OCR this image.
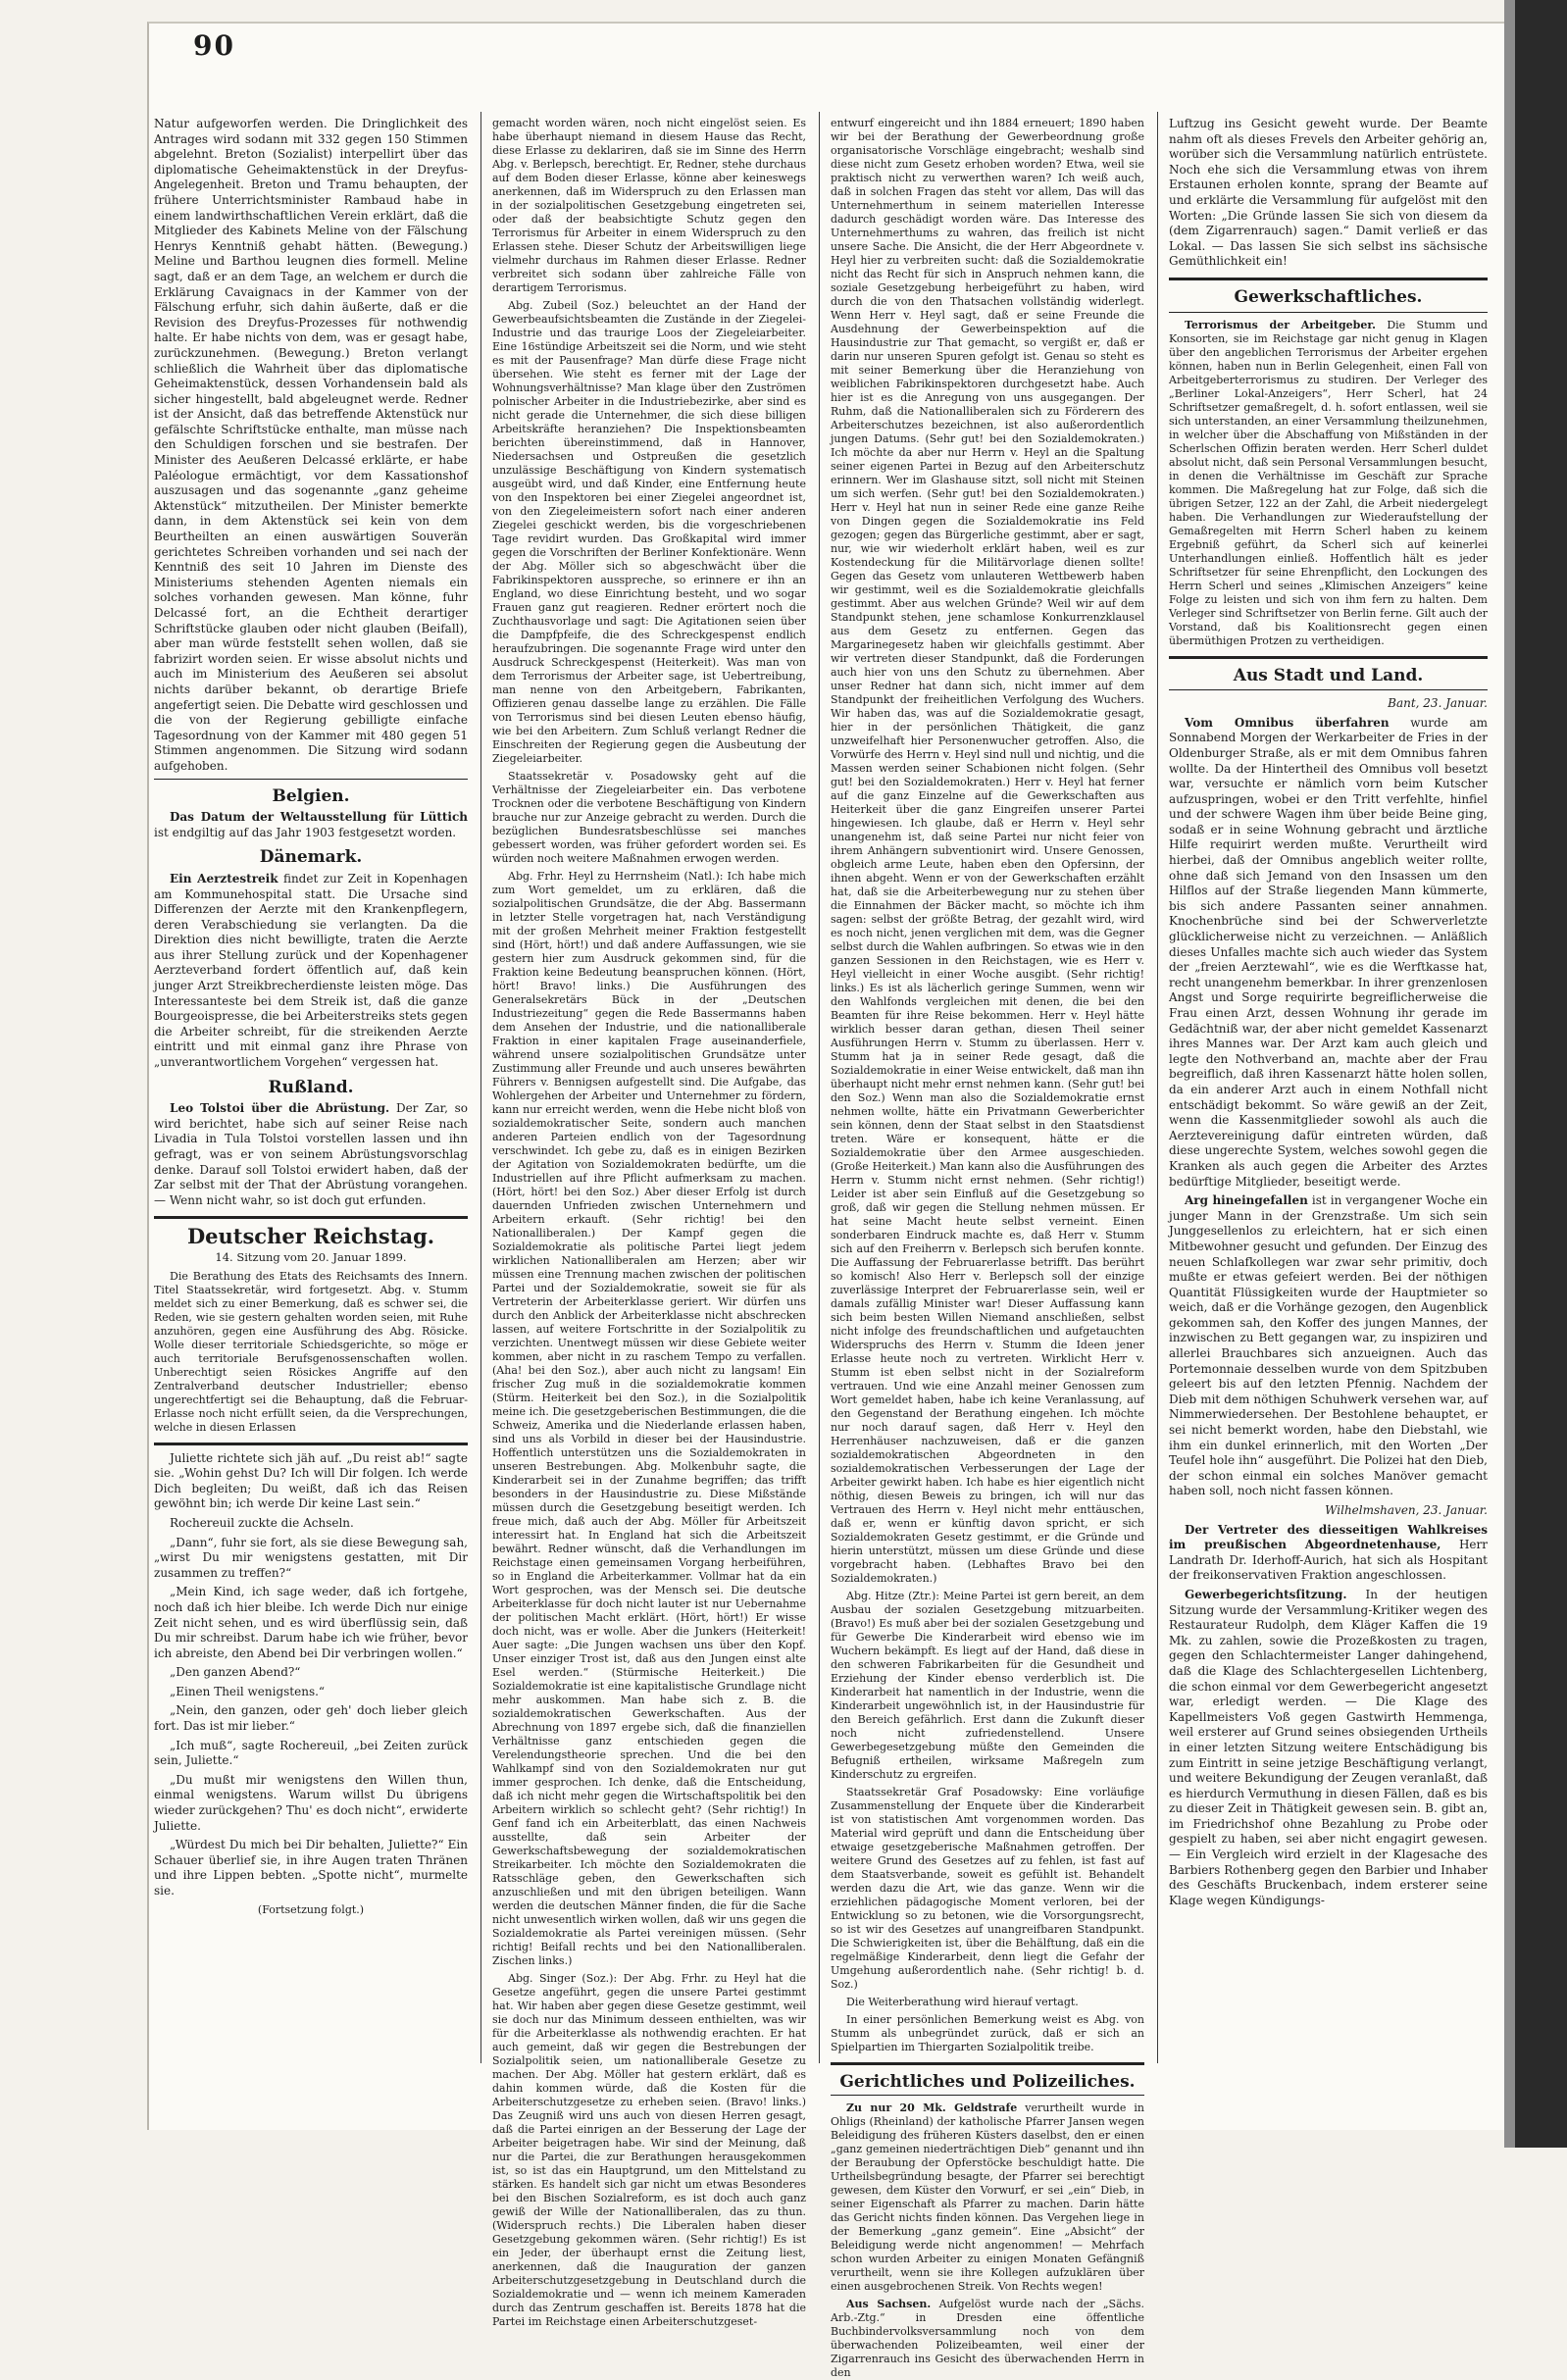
90

Natur aufgeworfen werden. Die Dringlichkeit des Antrages wird sodann mit 332 gegen 150 Stimmen abgelehnt. Breton (Sozialist) interpellirt über das diplomatische Geheimaktenstück in der Dreyfus-Angelegenheit. Breton und Tramu behaupten, der frühere Unterrichtsminister Rambaud habe in einem landwirthschaftlichen Verein erklärt, daß die Mitglieder des Kabinets Meline von der Fälschung Henrys Kenntniß gehabt hätten. (Bewegung.) Meline und Barthou leugnen dies formell. Meline sagt, daß er an dem Tage, an welchem er durch die Erklärung Cavaignacs in der Kammer von der Fälschung erfuhr, sich dahin äußerte, daß er die Revision des Dreyfus-Prozesses für nothwendig halte. Er habe nichts von dem, was er gesagt habe, zurückzunehmen. (Bewegung.) Breton verlangt schließlich die Wahrheit über das diplomatische Geheimaktenstück, dessen Vorhandensein bald als sicher hingestellt, bald abgeleugnet werde. Redner ist der Ansicht, daß das betreffende Aktenstück nur gefälschte Schriftstücke enthalte, man müsse nach den Schuldigen forschen und sie bestrafen. Der Minister des Aeußeren Delcassé erklärte, er habe Paléologue ermächtigt, vor dem Kassationshof auszusagen und das sogenannte „ganz geheime Aktenstück“ mitzutheilen. Der Minister bemerkte dann, in dem Aktenstück sei kein von dem Beurtheilten an einen auswärtigen Souverän gerichtetes Schreiben vorhanden und sei nach der Kenntniß des seit 10 Jahren im Dienste des Ministeriums stehenden Agenten niemals ein solches vorhanden gewesen. Man könne, fuhr Delcassé fort, an die Echtheit derartiger Schriftstücke glauben oder nicht glauben (Beifall), aber man würde feststellt sehen wollen, daß sie fabrizirt worden seien. Er wisse absolut nichts und auch im Ministerium des Aeußeren sei absolut nichts darüber bekannt, ob derartige Briefe angefertigt seien. Die Debatte wird geschlossen und die von der Regierung gebilligte einfache Tagesordnung von der Kammer mit 480 gegen 51 Stimmen angenommen. Die Sitzung wird sodann aufgehoben.

Belgien.

Das Datum der Weltausstellung für Lüttich ist endgiltig auf das Jahr 1903 festgesetzt worden.

Dänemark.

Ein Aerztestreik findet zur Zeit in Kopenhagen am Kommunehospital statt. Die Ursache sind Differenzen der Aerzte mit den Krankenpflegern, deren Verabschiedung sie verlangten. Da die Direktion dies nicht bewilligte, traten die Aerzte aus ihrer Stellung zurück und der Kopenhagener Aerzteverband fordert öffentlich auf, daß kein junger Arzt Streikbrecherdienste leisten möge. Das Interessanteste bei dem Streik ist, daß die ganze Bourgeoispresse, die bei Arbeiterstreiks stets gegen die Arbeiter schreibt, für die streikenden Aerzte eintritt und mit einmal ganz ihre Phrase von „unverantwortlichem Vorgehen“ vergessen hat.

Rußland.

Leo Tolstoi über die Abrüstung. Der Zar, so wird berichtet, habe sich auf seiner Reise nach Livadia in Tula Tolstoi vorstellen lassen und ihn gefragt, was er von seinem Abrüstungsvorschlag denke. Darauf soll Tolstoi erwidert haben, daß der Zar selbst mit der That der Abrüstung vorangehen. — Wenn nicht wahr, so ist doch gut erfunden.

Deutscher Reichstag.

14. Sitzung vom 20. Januar 1899.

Die Berathung des Etats des Reichsamts des Innern. Titel Staatssekretär, wird fortgesetzt. Abg. v. Stumm meldet sich zu einer Bemerkung, daß es schwer sei, die Reden, wie sie gestern gehalten worden seien, mit Ruhe anzuhören, gegen eine Ausführung des Abg. Rösicke. Wolle dieser territoriale Schiedsgerichte, so möge er auch territoriale Berufsgenossenschaften wollen. Unberechtigt seien Rösickes Angriffe auf den Zentralverband deutscher Industrieller; ebenso ungerechtfertigt sei die Behauptung, daß die Februar-Erlasse noch nicht erfüllt seien, da die Versprechungen, welche in diesen Erlassen

Juliette richtete sich jäh auf. „Du reist ab!“ sagte sie. „Wohin gehst Du? Ich will Dir folgen. Ich werde Dich begleiten; Du weißt, daß ich das Reisen gewöhnt bin; ich werde Dir keine Last sein.“

Rochereuil zuckte die Achseln.

„Dann“, fuhr sie fort, als sie diese Bewegung sah, „wirst Du mir wenigstens gestatten, mit Dir zusammen zu treffen?“

„Mein Kind, ich sage weder, daß ich fortgehe, noch daß ich hier bleibe. Ich werde Dich nur einige Zeit nicht sehen, und es wird überflüssig sein, daß Du mir schreibst. Darum habe ich wie früher, bevor ich abreiste, den Abend bei Dir verbringen wollen.“

„Den ganzen Abend?“

„Einen Theil wenigstens.“

„Nein, den ganzen, oder geh' doch lieber gleich fort. Das ist mir lieber.“

„Ich muß“, sagte Rochereuil, „bei Zeiten zurück sein, Juliette.“

„Du mußt mir wenigstens den Willen thun, einmal wenigstens. Warum willst Du übrigens wieder zurückgehen? Thu' es doch nicht“, erwiderte Juliette.

„Würdest Du mich bei Dir behalten, Juliette?“ Ein Schauer überlief sie, in ihre Augen traten Thränen und ihre Lippen bebten. „Spotte nicht“, murmelte sie.

(Fortsetzung folgt.)

gemacht worden wären, noch nicht eingelöst seien. Es habe überhaupt niemand in diesem Hause das Recht, diese Erlasse zu deklariren, daß sie im Sinne des Herrn Abg. v. Berlepsch, berechtigt. Er, Redner, stehe durchaus auf dem Boden dieser Erlasse, könne aber keineswegs anerkennen, daß im Widerspruch zu den Erlassen man in der sozialpolitischen Gesetzgebung eingetreten sei, oder daß der beabsichtigte Schutz gegen den Terrorismus für Arbeiter in einem Widerspruch zu den Erlassen stehe. Dieser Schutz der Arbeitswilligen liege vielmehr durchaus im Rahmen dieser Erlasse. Redner verbreitet sich sodann über zahlreiche Fälle von derartigem Terrorismus.

Abg. Zubeil (Soz.) beleuchtet an der Hand der Gewerbeaufsichtsbeamten die Zustände in der Ziegelei-Industrie und das traurige Loos der Ziegeleiarbeiter. Eine 16stündige Arbeitszeit sei die Norm, und wie steht es mit der Pausenfrage? Man dürfe diese Frage nicht übersehen. Wie steht es ferner mit der Lage der Wohnungsverhältnisse? Man klage über den Zuströmen polnischer Arbeiter in die Industriebezirke, aber sind es nicht gerade die Unternehmer, die sich diese billigen Arbeitskräfte heranziehen? Die Inspektionsbeamten berichten übereinstimmend, daß in Hannover, Niedersachsen und Ostpreußen die gesetzlich unzulässige Beschäftigung von Kindern systematisch ausgeübt wird, und daß Kinder, eine Entfernung heute von den Inspektoren bei einer Ziegelei angeordnet ist, von den Ziegeleimeistern sofort nach einer anderen Ziegelei geschickt werden, bis die vorgeschriebenen Tage revidirt wurden. Das Großkapital wird immer gegen die Vorschriften der Berliner Konfektionäre. Wenn der Abg. Möller sich so abgeschwächt über die Fabrikinspektoren ausspreche, so erinnere er ihn an England, wo diese Einrichtung besteht, und wo sogar Frauen ganz gut reagieren. Redner erörtert noch die Zuchthausvorlage und sagt: Die Agitationen seien über die Dampfpfeife, die des Schreckgespenst endlich heraufzubringen. Die sogenannte Frage wird unter den Ausdruck Schreckgespenst (Heiterkeit). Was man von dem Terrorismus der Arbeiter sage, ist Uebertreibung, man nenne von den Arbeitgebern, Fabrikanten, Offizieren genau dasselbe lange zu erzählen. Die Fälle von Terrorismus sind bei diesen Leuten ebenso häufig, wie bei den Arbeitern. Zum Schluß verlangt Redner die Einschreiten der Regierung gegen die Ausbeutung der Ziegeleiarbeiter.

Staatssekretär v. Posadowsky geht auf die Verhältnisse der Ziegeleiarbeiter ein. Das verbotene Trocknen oder die verbotene Beschäftigung von Kindern brauche nur zur Anzeige gebracht zu werden. Durch die bezüglichen Bundesratsbeschlüsse sei manches gebessert worden, was früher gefordert worden sei. Es würden noch weitere Maßnahmen erwogen werden.

Abg. Frhr. Heyl zu Herrnsheim (Natl.): Ich habe mich zum Wort gemeldet, um zu erklären, daß die sozialpolitischen Grundsätze, die der Abg. Bassermann in letzter Stelle vorgetragen hat, nach Verständigung mit der großen Mehrheit meiner Fraktion festgestellt sind (Hört, hört!) und daß andere Auffassungen, wie sie gestern hier zum Ausdruck gekommen sind, für die Fraktion keine Bedeutung beanspruchen können. (Hört, hört! Bravo! links.) Die Ausführungen des Generalsekretärs Bück in der „Deutschen Industriezeitung“ gegen die Rede Bassermanns haben dem Ansehen der Industrie, und die nationalliberale Fraktion in einer kapitalen Frage auseinanderfiele, während unsere sozialpolitischen Grundsätze unter Zustimmung aller Freunde und auch unseres bewährten Führers v. Bennigsen aufgestellt sind. Die Aufgabe, das Wohlergehen der Arbeiter und Unternehmer zu fördern, kann nur erreicht werden, wenn die Hebe nicht bloß von sozialdemokratischer Seite, sondern auch manchen anderen Parteien endlich von der Tagesordnung verschwindet. Ich gebe zu, daß es in einigen Bezirken der Agitation von Sozialdemokraten bedürfte, um die Industriellen auf ihre Pflicht aufmerksam zu machen. (Hört, hört! bei den Soz.) Aber dieser Erfolg ist durch dauernden Unfrieden zwischen Unternehmern und Arbeitern erkauft. (Sehr richtig! bei den Nationalliberalen.) Der Kampf gegen die Sozialdemokratie als politische Partei liegt jedem wirklichen Nationalliberalen am Herzen; aber wir müssen eine Trennung machen zwischen der politischen Partei und der Sozialdemokratie, soweit sie für als Vertreterin der Arbeiterklasse geriert. Wir dürfen uns durch den Anblick der Arbeiterklasse nicht abschrecken lassen, auf weitere Fortschritte in der Sozialpolitik zu verzichten. Unentwegt müssen wir diese Gebiete weiter kommen, aber nicht in zu raschem Tempo zu verfallen. (Aha! bei den Soz.), aber auch nicht zu langsam! Ein frischer Zug muß in die sozialdemokratie kommen (Stürm. Heiterkeit bei den Soz.), in die Sozialpolitik meine ich. Die gesetzgeberischen Bestimmungen, die die Schweiz, Amerika und die Niederlande erlassen haben, sind uns als Vorbild in dieser bei der Hausindustrie. Hoffentlich unterstützen uns die Sozialdemokraten in unseren Bestrebungen. Abg. Molkenbuhr sagte, die Kinderarbeit sei in der Zunahme begriffen; das trifft besonders in der Hausindustrie zu. Diese Mißstände müssen durch die Gesetzgebung beseitigt werden. Ich freue mich, daß auch der Abg. Möller für Arbeitszeit interessirt hat. In England hat sich die Arbeitszeit bewährt. Redner wünscht, daß die Verhandlungen im Reichstage einen gemeinsamen Vorgang herbeiführen, so in England die Arbeiterkammer. Vollmar hat da ein Wort gesprochen, was der Mensch sei. Die deutsche Arbeiterklasse für doch nicht lauter ist nur Uebernahme der politischen Macht erklärt. (Hört, hört!) Er wisse doch nicht, was er wolle. Aber die Junkers (Heiterkeit! Auer sagte: „Die Jungen wachsen uns über den Kopf. Unser einziger Trost ist, daß aus den Jungen einst alte Esel werden.“ (Stürmische Heiterkeit.) Die Sozialdemokratie ist eine kapitalistische Grundlage nicht mehr auskommen. Man habe sich z. B. die sozialdemokratischen Gewerkschaften. Aus der Abrechnung von 1897 ergebe sich, daß die finanziellen Verhältnisse ganz entschieden gegen die Verelendungstheorie sprechen. Und die bei den Wahlkampf sind von den Sozialdemokraten nur gut immer gesprochen. Ich denke, daß die Entscheidung, daß ich nicht mehr gegen die Wirtschaftspolitik bei den Arbeitern wirklich so schlecht geht? (Sehr richtig!) In Genf fand ich ein Arbeiterblatt, das einen Nachweis ausstellte, daß sein Arbeiter der Gewerkschaftsbewegung der sozialdemokratischen Streikarbeiter. Ich möchte den Sozialdemokraten die Ratsschläge geben, den Gewerkschaften sich anzuschließen und mit den übrigen beteiligen. Wann werden die deutschen Männer finden, die für die Sache nicht unwesentlich wirken wollen, daß wir uns gegen die Sozialdemokratie als Partei vereinigen müssen. (Sehr richtig! Beifall rechts und bei den Nationalliberalen. Zischen links.)

Abg. Singer (Soz.): Der Abg. Frhr. zu Heyl hat die Gesetze angeführt, gegen die unsere Partei gestimmt hat. Wir haben aber gegen diese Gesetze gestimmt, weil sie doch nur das Minimum desseen enthielten, was wir für die Arbeiterklasse als nothwendig erachten. Er hat auch gemeint, daß wir gegen die Bestrebungen der Sozialpolitik seien, um nationalliberale Gesetze zu machen. Der Abg. Möller hat gestern erklärt, daß es dahin kommen würde, daß die Kosten für die Arbeiterschutzgesetze zu erheben seien. (Bravo! links.) Das Zeugniß wird uns auch von diesen Herren gesagt, daß die Partei einrigen an der Besserung der Lage der Arbeiter beigetragen habe. Wir sind der Meinung, daß nur die Partei, die zur Berathungen herausgekommen ist, so ist das ein Hauptgrund, um den Mittelstand zu stärken. Es handelt sich gar nicht um etwas Besonderes bei den Bischen Sozialreform, es ist doch auch ganz gewiß der Wille der Nationalliberalen, das zu thun. (Widerspruch rechts.) Die Liberalen haben dieser Gesetzgebung gekommen wären. (Sehr richtig!) Es ist ein Jeder, der überhaupt ernst die Zeitung liest, anerkennen, daß die Inauguration der ganzen Arbeiterschutzgesetzgebung in Deutschland durch die Sozialdemokratie und — wenn ich meinem Kameraden durch das Zentrum geschaffen ist. Bereits 1878 hat die Partei im Reichstage einen Arbeiterschutzgeset-

entwurf eingereicht und ihn 1884 erneuert; 1890 haben wir bei der Berathung der Gewerbeordnung große organisatorische Vorschläge eingebracht; weshalb sind diese nicht zum Gesetz erhoben worden? Etwa, weil sie praktisch nicht zu verwerthen waren? Ich weiß auch, daß in solchen Fragen das steht vor allem, Das will das Unternehmerthum in seinem materiellen Interesse dadurch geschädigt worden wäre. Das Interesse des Unternehmerthums zu wahren, das freilich ist nicht unsere Sache. Die Ansicht, die der Herr Abgeordnete v. Heyl hier zu verbreiten sucht: daß die Sozialdemokratie nicht das Recht für sich in Anspruch nehmen kann, die soziale Gesetzgebung herbeigeführt zu haben, wird durch die von den Thatsachen vollständig widerlegt. Wenn Herr v. Heyl sagt, daß er seine Freunde die Ausdehnung der Gewerbeinspektion auf die Hausindustrie zur That gemacht, so vergißt er, daß er darin nur unseren Spuren gefolgt ist. Genau so steht es mit seiner Bemerkung über die Heranziehung von weiblichen Fabrikinspektoren durchgesetzt habe. Auch hier ist es die Anregung von uns ausgegangen. Der Ruhm, daß die Nationalliberalen sich zu Förderern des Arbeiterschutzes bezeichnen, ist also außerordentlich jungen Datums. (Sehr gut! bei den Sozialdemokraten.) Ich möchte da aber nur Herrn v. Heyl an die Spaltung seiner eigenen Partei in Bezug auf den Arbeiterschutz erinnern. Wer im Glashause sitzt, soll nicht mit Steinen um sich werfen. (Sehr gut! bei den Sozialdemokraten.) Herr v. Heyl hat nun in seiner Rede eine ganze Reihe von Dingen gegen die Sozialdemokratie ins Feld gezogen; gegen das Bürgerliche gestimmt, aber er sagt, nur, wie wir wiederholt erklärt haben, weil es zur Kostendeckung für die Militärvorlage dienen sollte! Gegen das Gesetz vom unlauteren Wettbewerb haben wir gestimmt, weil es die Sozialdemokratie gleichfalls gestimmt. Aber aus welchen Gründe? Weil wir auf dem Standpunkt stehen, jene schamlose Konkurrenzklausel aus dem Gesetz zu entfernen. Gegen das Margarinegesetz haben wir gleichfalls gestimmt. Aber wir vertreten dieser Standpunkt, daß die Forderungen auch hier von uns den Schutz zu übernehmen. Aber unser Redner hat dann sich, nicht immer auf dem Standpunkt der freiheitlichen Verfolgung des Wuchers. Wir haben das, was auf die Sozialdemokratie gesagt, hier in der persönlichen Thätigkeit, die ganz unzweifelhaft hier Personenwucher getroffen. Also, die Vorwürfe des Herrn v. Heyl sind null und nichtig, und die Massen werden seiner Schabionen nicht folgen. (Sehr gut! bei den Sozialdemokraten.) Herr v. Heyl hat ferner auf die ganz Einzelne auf die Gewerkschaften aus Heiterkeit über die ganz Eingreifen unserer Partei hingewiesen. Ich glaube, daß er Herrn v. Heyl sehr unangenehm ist, daß seine Partei nur nicht feier von ihrem Anhängern subventionirt wird. Unsere Genossen, obgleich arme Leute, haben eben den Opfersinn, der ihnen abgeht. Wenn er von der Gewerkschaften erzählt hat, daß sie die Arbeiterbewegung nur zu stehen über die Einnahmen der Bäcker macht, so möchte ich ihm sagen: selbst der größte Betrag, der gezahlt wird, wird es noch nicht, jenen verglichen mit dem, was die Gegner selbst durch die Wahlen aufbringen. So etwas wie in den ganzen Sessionen in den Reichstagen, wie es Herr v. Heyl vielleicht in einer Woche ausgibt. (Sehr richtig! links.) Es ist als lächerlich geringe Summen, wenn wir den Wahlfonds vergleichen mit denen, die bei den Beamten für ihre Reise bekommen. Herr v. Heyl hätte wirklich besser daran gethan, diesen Theil seiner Ausführungen Herrn v. Stumm zu überlassen. Herr v. Stumm hat ja in seiner Rede gesagt, daß die Sozialdemokratie in einer Weise entwickelt, daß man ihn überhaupt nicht mehr ernst nehmen kann. (Sehr gut! bei den Soz.) Wenn man also die Sozialdemokratie ernst nehmen wollte, hätte ein Privatmann Gewerberichter sein können, denn der Staat selbst in den Staatsdienst treten. Wäre er konsequent, hätte er die Sozialdemokratie über den Armee ausgeschieden. (Große Heiterkeit.) Man kann also die Ausführungen des Herrn v. Stumm nicht ernst nehmen. (Sehr richtig!) Leider ist aber sein Einfluß auf die Gesetzgebung so groß, daß wir gegen die Stellung nehmen müssen. Er hat seine Macht heute selbst verneint. Einen sonderbaren Eindruck machte es, daß Herr v. Stumm sich auf den Freiherrn v. Berlepsch sich berufen konnte. Die Auffassung der Februarerlasse betrifft. Das berührt so komisch! Also Herr v. Berlepsch soll der einzige zuverlässige Interpret der Februarerlasse sein, weil er damals zufällig Minister war! Dieser Auffassung kann sich beim besten Willen Niemand anschließen, selbst nicht infolge des freundschaftlichen und aufgetauchten Widerspruchs des Herrn v. Stumm die Ideen jener Erlasse heute noch zu vertreten. Wirklicht Herr v. Stumm ist eben selbst nicht in der Sozialreform vertrauen. Und wie eine Anzahl meiner Genossen zum Wort gemeldet haben, habe ich keine Veranlassung, auf den Gegenstand der Berathung eingehen. Ich möchte nur noch darauf sagen, daß Herr v. Heyl den Herrenhäuser nachzuweisen, daß er die ganzen sozialdemokratischen Abgeordneten in den sozialdemokratischen Verbesserungen der Lage der Arbeiter gewirkt haben. Ich habe es hier eigentlich nicht nöthig, diesen Beweis zu bringen, ich will nur das Vertrauen des Herrn v. Heyl nicht mehr enttäuschen, daß er, wenn er künftig davon spricht, er sich Sozialdemokraten Gesetz gestimmt, er die Gründe und hierin unterstützt, müssen um diese Gründe und diese vorgebracht haben. (Lebhaftes Bravo bei den Sozialdemokraten.)

Abg. Hitze (Ztr.): Meine Partei ist gern bereit, an dem Ausbau der sozialen Gesetzgebung mitzuarbeiten. (Bravo!) Es muß aber bei der sozialen Gesetzgebung und für Gewerbe Die Kinderarbeit wird ebenso wie im Wuchern bekämpft. Es liegt auf der Hand, daß diese in den schweren Fabrikarbeiten für die Gesundheit und Erziehung der Kinder ebenso verderblich ist. Die Kinderarbeit hat namentlich in der Industrie, wenn die Kinderarbeit ungewöhnlich ist, in der Hausindustrie für den Bereich gefährlich. Erst dann die Zukunft dieser noch nicht zufriedenstellend. Unsere Gewerbegesetzgebung müßte den Gemeinden die Befugniß ertheilen, wirksame Maßregeln zum Kinderschutz zu ergreifen.

Staatssekretär Graf Posadowsky: Eine vorläufige Zusammenstellung der Enquete über die Kinderarbeit ist von statistischen Amt vorgenommen worden. Das Material wird geprüft und dann die Entscheidung über etwaige gesetzgeberische Maßnahmen getroffen. Der weitere Grund des Gesetzes auf zu fehlen, ist fast auf dem Staatsverbande, soweit es gefühlt ist. Behandelt werden dazu die Art, wie das ganze. Wenn wir die erziehlichen pädagogische Moment verloren, bei der Entwicklung so zu betonen, wie die Vorsorgungsrecht, so ist wir des Gesetzes auf unangreifbaren Standpunkt. Die Schwierigkeiten ist, über die Behälftung, daß ein die regelmäßige Kinderarbeit, denn liegt die Gefahr der Umgehung außerordentlich nahe. (Sehr richtig! b. d. Soz.)

Die Weiterberathung wird hierauf vertagt.

In einer persönlichen Bemerkung weist es Abg. von Stumm als unbegründet zurück, daß er sich an Spielpartien im Thiergarten Sozialpolitik treibe.

Gerichtliches und Polizeiliches.

Zu nur 20 Mk. Geldstrafe verurtheilt wurde in Ohligs (Rheinland) der katholische Pfarrer Jansen wegen Beleidigung des früheren Küsters daselbst, den er einen „ganz gemeinen niederträchtigen Dieb“ genannt und ihn der Beraubung der Opferstöcke beschuldigt hatte. Die Urtheilsbegründung besagte, der Pfarrer sei berechtigt gewesen, dem Küster den Vorwurf, er sei „ein“ Dieb, in seiner Eigenschaft als Pfarrer zu machen. Darin hätte das Gericht nichts finden können. Das Vergehen liege in der Bemerkung „ganz gemein“. Eine „Absicht“ der Beleidigung werde nicht angenommen! — Mehrfach schon wurden Arbeiter zu einigen Monaten Gefängniß verurtheilt, wenn sie ihre Kollegen aufzuklären über einen ausgebrochenen Streik. Von Rechts wegen!

Aus Sachsen. Aufgelöst wurde nach der „Sächs. Arb.-Ztg.“ in Dresden eine öffentliche Buchbindervolksversammlung noch von dem überwachenden Polizeibeamten, weil einer der Zigarrenrauch ins Gesicht des überwachenden Herrn in den

Luftzug ins Gesicht geweht wurde. Der Beamte nahm oft als dieses Frevels den Arbeiter gehörig an, worüber sich die Versammlung natürlich entrüstete. Noch ehe sich die Versammlung etwas von ihrem Erstaunen erholen konnte, sprang der Beamte auf und erklärte die Versammlung für aufgelöst mit den Worten: „Die Gründe lassen Sie sich von diesem da (dem Zigarrenrauch) sagen.“ Damit verließ er das Lokal. — Das lassen Sie sich selbst ins sächsische Gemüthlichkeit ein!

Gewerkschaftliches.

Terrorismus der Arbeitgeber. Die Stumm und Konsorten, sie im Reichstage gar nicht genug in Klagen über den angeblichen Terrorismus der Arbeiter ergehen können, haben nun in Berlin Gelegenheit, einen Fall von Arbeitgeberterrorismus zu studiren. Der Verleger des „Berliner Lokal-Anzeigers“, Herr Scherl, hat 24 Schriftsetzer gemaßregelt, d. h. sofort entlassen, weil sie sich unterstanden, an einer Versammlung theilzunehmen, in welcher über die Abschaffung von Mißständen in der Scherlschen Offizin beraten werden. Herr Scherl duldet absolut nicht, daß sein Personal Versammlungen besucht, in denen die Verhältnisse im Geschäft zur Sprache kommen. Die Maßregelung hat zur Folge, daß sich die übrigen Setzer, 122 an der Zahl, die Arbeit niedergelegt haben. Die Verhandlungen zur Wiederaufstellung der Gemaßregelten mit Herrn Scherl haben zu keinem Ergebniß geführt, da Scherl sich auf keinerlei Unterhandlungen einließ. Hoffentlich hält es jeder Schriftsetzer für seine Ehrenpflicht, den Lockungen des Herrn Scherl und seines „Klimischen Anzeigers“ keine Folge zu leisten und sich von ihm fern zu halten. Dem Verleger sind Schriftsetzer von Berlin ferne. Gilt auch der Vorstand, daß bis Koalitionsrecht gegen einen übermüthigen Protzen zu vertheidigen.

Aus Stadt und Land.

Bant, 23. Januar.

Vom Omnibus überfahren wurde am Sonnabend Morgen der Werkarbeiter de Fries in der Oldenburger Straße, als er mit dem Omnibus fahren wollte. Da der Hintertheil des Omnibus voll besetzt war, versuchte er nämlich vorn beim Kutscher aufzuspringen, wobei er den Tritt verfehlte, hinfiel und der schwere Wagen ihm über beide Beine ging, sodaß er in seine Wohnung gebracht und ärztliche Hilfe requirirt werden mußte. Verurtheilt wird hierbei, daß der Omnibus angeblich weiter rollte, ohne daß sich Jemand von den Insassen um den Hilflos auf der Straße liegenden Mann kümmerte, bis sich andere Passanten seiner annahmen. Knochenbrüche sind bei der Schwerverletzte glücklicherweise nicht zu verzeichnen. — Anläßlich dieses Unfalles machte sich auch wieder das System der „freien Aerztewahl“, wie es die Werftkasse hat, recht unangenehm bemerkbar. In ihrer grenzenlosen Angst und Sorge requirirte begreiflicherweise die Frau einen Arzt, dessen Wohnung ihr gerade im Gedächtniß war, der aber nicht gemeldet Kassenarzt ihres Mannes war. Der Arzt kam auch gleich und legte den Nothverband an, machte aber der Frau begreiflich, daß ihren Kassenarzt hätte holen sollen, da ein anderer Arzt auch in einem Nothfall nicht entschädigt bekommt. So wäre gewiß an der Zeit, wenn die Kassenmitglieder sowohl als auch die Aerztevereinigung dafür eintreten würden, daß diese ungerechte System, welches sowohl gegen die Kranken als auch gegen die Arbeiter des Arztes bedürftige Mitglieder, beseitigt werde.

Arg hineingefallen ist in vergangener Woche ein junger Mann in der Grenzstraße. Um sich sein Junggesellenlos zu erleichtern, hat er sich einen Mitbewohner gesucht und gefunden. Der Einzug des neuen Schlafkollegen war zwar sehr primitiv, doch mußte er etwas gefeiert werden. Bei der nöthigen Quantität Flüssigkeiten wurde der Hauptmieter so weich, daß er die Vorhänge gezogen, den Augenblick gekommen sah, den Koffer des jungen Mannes, der inzwischen zu Bett gegangen war, zu inspiziren und allerlei Brauchbares sich anzueignen. Auch das Portemonnaie desselben wurde von dem Spitzbuben geleert bis auf den letzten Pfennig. Nachdem der Dieb mit dem nöthigen Schuhwerk versehen war, auf Nimmerwiedersehen. Der Bestohlene behauptet, er sei nicht bemerkt worden, habe den Diebstahl, wie ihm ein dunkel erinnerlich, mit den Worten „Der Teufel hole ihn“ ausgeführt. Die Polizei hat den Dieb, der schon einmal ein solches Manöver gemacht haben soll, noch nicht fassen können.

Wilhelmshaven, 23. Januar.

Der Vertreter des diesseitigen Wahlkreises im preußischen Abgeordnetenhause, Herr Landrath Dr. Iderhoff-Aurich, hat sich als Hospitant der freikonservativen Fraktion angeschlossen.

Gewerbegerichtsſitzung. In der heutigen Sitzung wurde der Versammlung-Kritiker wegen des Restaurateur Rudolph, dem Kläger Kaffen die 19 Mk. zu zahlen, sowie die Prozeßkosten zu tragen, gegen den Schlachtermeister Langer dahingehend, daß die Klage des Schlachtergesellen Lichtenberg, die schon einmal vor dem Gewerbegericht angesetzt war, erledigt werden. — Die Klage des Kapellmeisters Voß gegen Gastwirth Hemmenga, weil ersterer auf Grund seines obsiegenden Urtheils in einer letzten Sitzung weitere Entschädigung bis zum Eintritt in seine jetzige Beschäftigung verlangt, und weitere Bekundigung der Zeugen veranlaßt, daß es hierdurch Vermuthung in diesen Fällen, daß es bis zu dieser Zeit in Thätigkeit gewesen sein. B. gibt an, im Friedrichshof ohne Bezahlung zu Probe oder gespielt zu haben, sei aber nicht engagirt gewesen. — Ein Vergleich wird erzielt in der Klagesache des Barbiers Rothenberg gegen den Barbier und Inhaber des Geschäfts Bruckenbach, indem ersterer seine Klage wegen Kündigungs-
